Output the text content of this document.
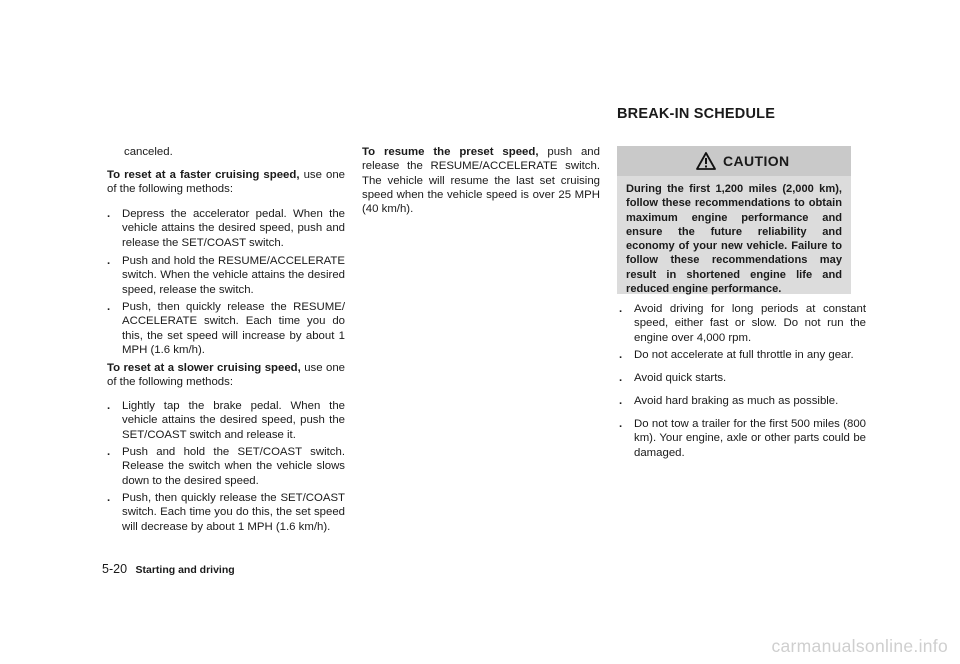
canceled.

To reset at a faster cruising speed, use one of the following methods:

. Depress the accelerator pedal. When the vehicle attains the desired speed, push and release the SET/COAST switch.
. Push and hold the RESUME/ACCELERATE switch. When the vehicle attains the desired speed, release the switch.
. Push, then quickly release the RESUME/ ACCELERATE switch. Each time you do this, the set speed will increase by about 1 MPH (1.6 km/h).

To reset at a slower cruising speed, use one of the following methods:

. Lightly tap the brake pedal. When the vehicle attains the desired speed, push the SET/COAST switch and release it.
. Push and hold the SET/COAST switch. Release the switch when the vehicle slows down to the desired speed.
. Push, then quickly release the SET/COAST switch. Each time you do this, the set speed will decrease by about 1 MPH (1.6 km/h).

To resume the preset speed, push and release the RESUME/ACCELERATE switch. The vehicle will resume the last set cruising speed when the vehicle speed is over 25 MPH (40 km/h).

BREAK-IN SCHEDULE
CAUTION
During the first 1,200 miles (2,000 km), follow these recommendations to obtain maximum engine performance and ensure the future reliability and economy of your new vehicle. Failure to follow these recommendations may result in shortened engine life and reduced engine performance.
. Avoid driving for long periods at constant speed, either fast or slow. Do not run the engine over 4,000 rpm.
. Do not accelerate at full throttle in any gear.
. Avoid quick starts.
. Avoid hard braking as much as possible.
. Do not tow a trailer for the first 500 miles (800 km). Your engine, axle or other parts could be damaged.
5-20 Starting and driving
carmanualsonline.info
